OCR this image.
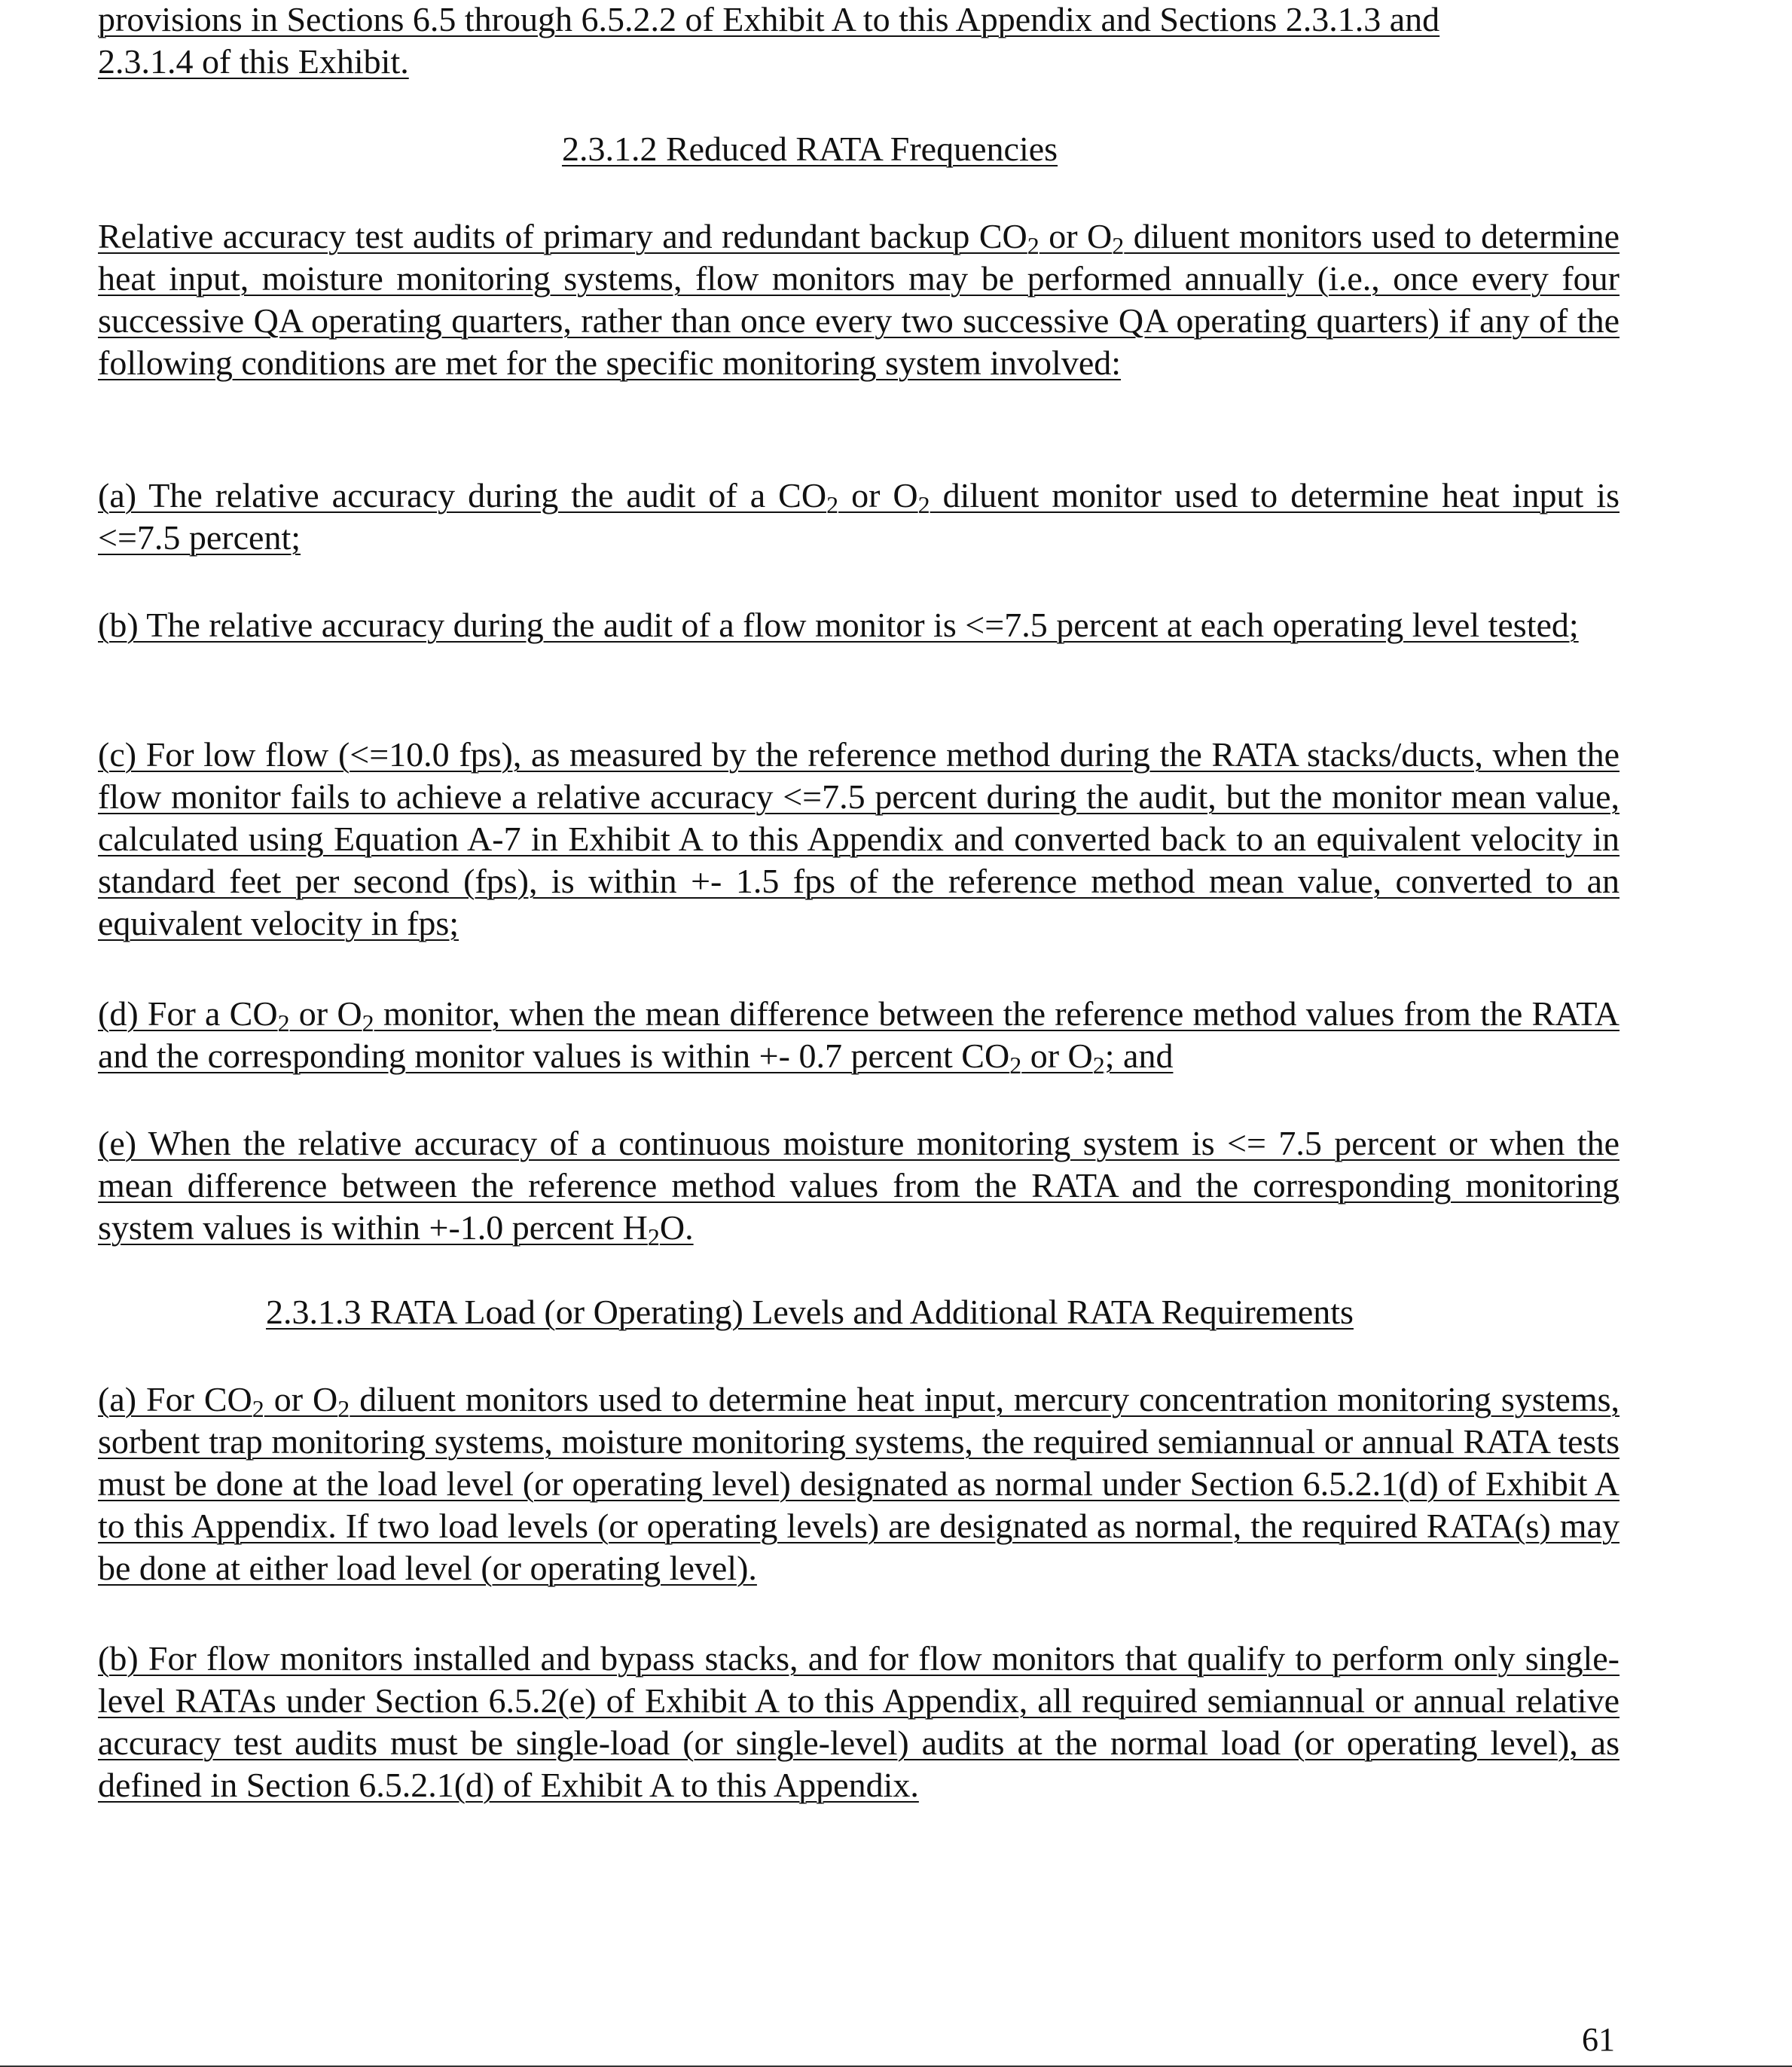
provisions in Sections 6.5 through 6.5.2.2 of Exhibit A to this Appendix and Sections 2.3.1.3 and
2.3.1.4 of this Exhibit.

2.3.1.2 Reduced RATA Frequencies

Relative accuracy test audits of primary and redundant backup $CO_2$ or $O_2$ diluent monitors used to determine heat input, moisture monitoring systems, flow monitors may be performed annually (i.e., once every four successive QA operating quarters, rather than once every two successive QA operating quarters) if any of the following conditions are met for the specific monitoring system involved:

(a) The relative accuracy during the audit of a $CO_2$ or $O_2$ diluent monitor used to determine heat input is <=7.5 percent;

(b) The relative accuracy during the audit of a flow monitor is <=7.5 percent at each operating level tested;

(c) For low flow (<=10.0 fps), as measured by the reference method during the RATA stacks/ducts, when the flow monitor fails to achieve a relative accuracy <=7.5 percent during the audit, but the monitor mean value, calculated using Equation A-7 in Exhibit A to this Appendix and converted back to an equivalent velocity in standard feet per second (fps), is within +- 1.5 fps of the reference method mean value, converted to an equivalent velocity in fps;

(d) For a $CO_2$ or $O_2$ monitor, when the mean difference between the reference method values from the RATA and the corresponding monitor values is within +- 0.7 percent $CO_2$ or $O_2$; and

(e) When the relative accuracy of a continuous moisture monitoring system is <= 7.5 percent or when the mean difference between the reference method values from the RATA and the corresponding monitoring system values is within +-1.0 percent $H_2O$.

2.3.1.3 RATA Load (or Operating) Levels and Additional RATA Requirements

(a) For $CO_2$ or $O_2$ diluent monitors used to determine heat input, mercury concentration monitoring systems, sorbent trap monitoring systems, moisture monitoring systems, the required semiannual or annual RATA tests must be done at the load level (or operating level) designated as normal under Section 6.5.2.1(d) of Exhibit A to this Appendix. If two load levels (or operating levels) are designated as normal, the required RATA(s) may be done at either load level (or operating level).

(b) For flow monitors installed and bypass stacks, and for flow monitors that qualify to perform only single-level RATAs under Section 6.5.2(e) of Exhibit A to this Appendix, all required semiannual or annual relative accuracy test audits must be single-load (or single-level) audits at the normal load (or operating level), as defined in Section 6.5.2.1(d) of Exhibit A to this Appendix.

61
